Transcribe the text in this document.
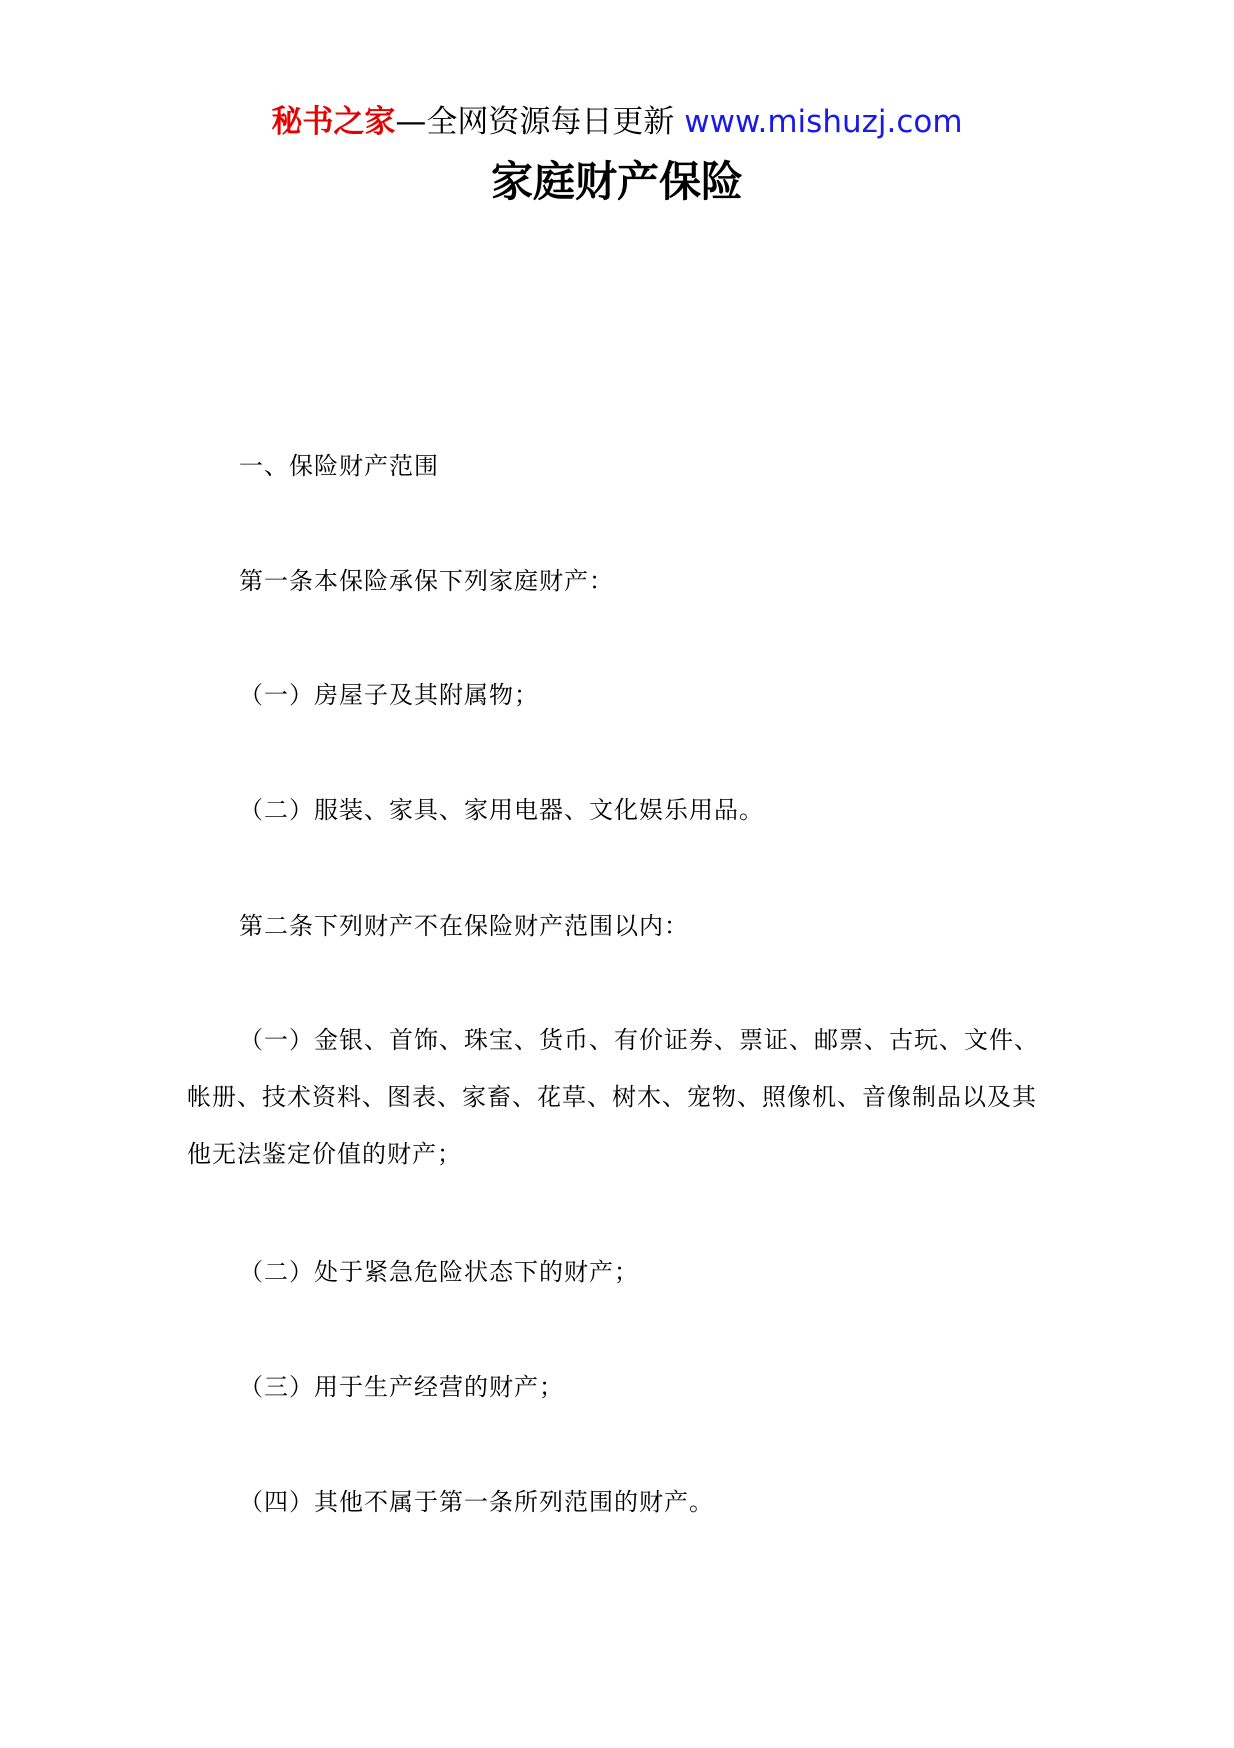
秘书之家—全网资源每日更新 www.mishuzj.com
家庭财产保险

一、保险财产范围

第一条本保险承保下列家庭财产：

（一）房屋子及其附属物；

（二）服装、家具、家用电器、文化娱乐用品。

第二条下列财产不在保险财产范围以内：

（一）金银、首饰、珠宝、货币、有价证券、票证、邮票、古玩、文件、帐册、技术资料、图表、家畜、花草、树木、宠物、照像机、音像制品以及其他无法鉴定价值的财产；

（二）处于紧急危险状态下的财产；

（三）用于生产经营的财产；

（四）其他不属于第一条所列范围的财产。
